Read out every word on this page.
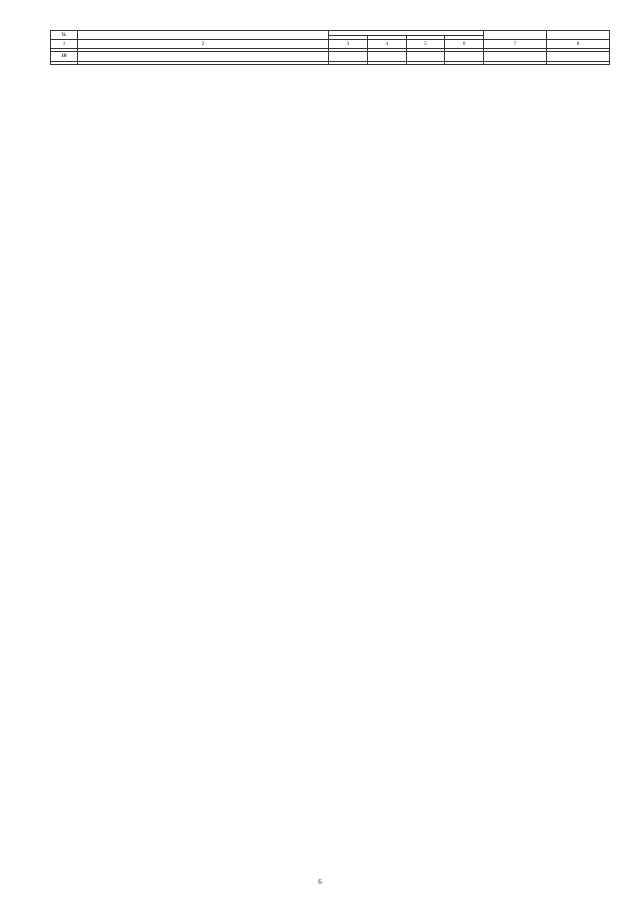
№							

1	2	3	4	5	6	7	8

10							

6
